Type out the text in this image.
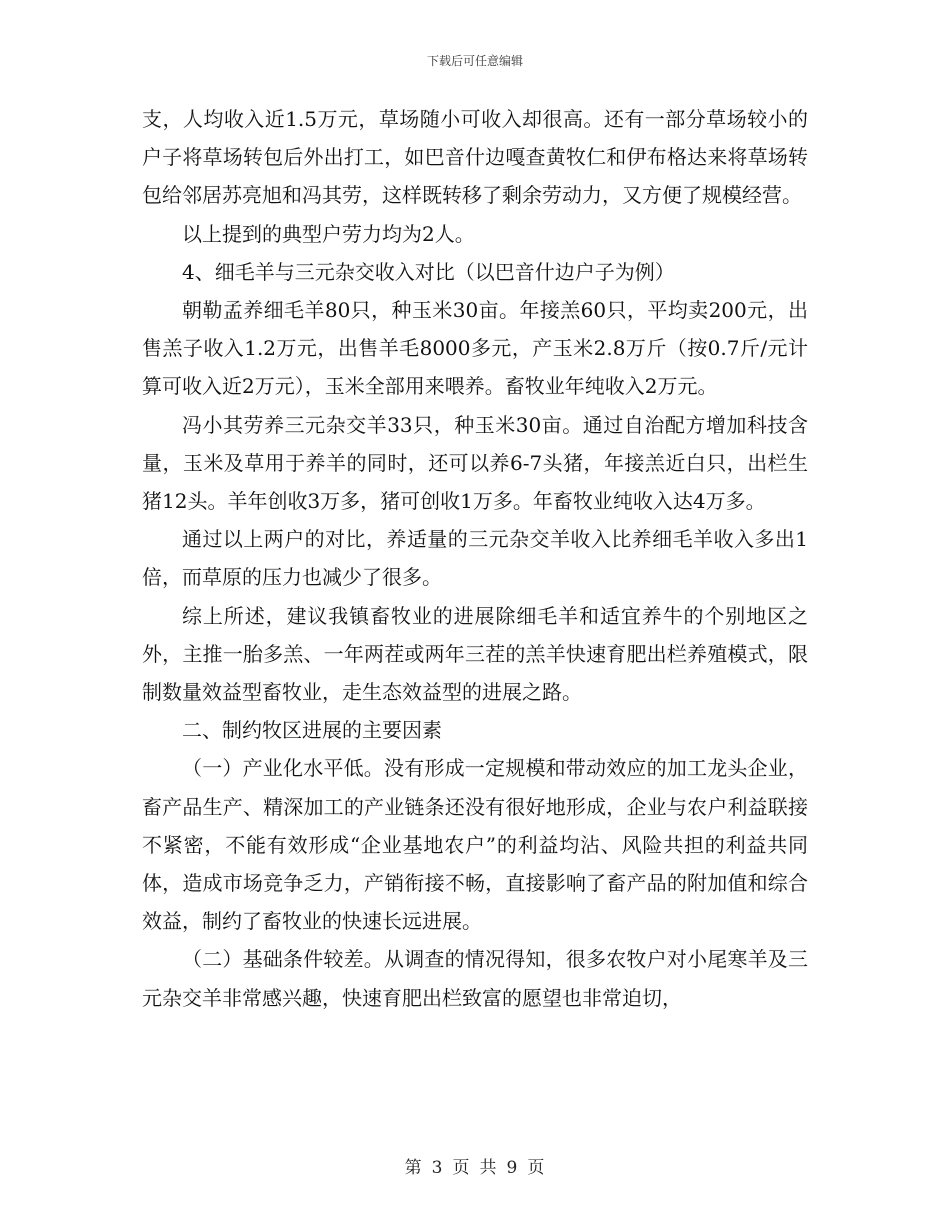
下载后可任意编辑

支，人均收入近1.5万元，草场随小可收入却很高。还有一部分草场较小的户子将草场转包后外出打工，如巴音什边嘎查黄牧仁和伊布格达来将草场转包给邻居苏亮旭和冯其劳，这样既转移了剩余劳动力，又方便了规模经营。

以上提到的典型户劳力均为2人。

4、细毛羊与三元杂交收入对比（以巴音什边户子为例）

朝勒孟养细毛羊80只，种玉米30亩。年接羔60只，平均卖200元，出售羔子收入1.2万元，出售羊毛8000多元，产玉米2.8万斤（按0.7斤/元计算可收入近2万元），玉米全部用来喂养。畜牧业年纯收入2万元。

冯小其劳养三元杂交羊33只，种玉米30亩。通过自治配方增加科技含量，玉米及草用于养羊的同时，还可以养6-7头猪，年接羔近白只，出栏生猪12头。羊年创收3万多，猪可创收1万多。年畜牧业纯收入达4万多。

通过以上两户的对比，养适量的三元杂交羊收入比养细毛羊收入多出1倍，而草原的压力也减少了很多。

综上所述，建议我镇畜牧业的进展除细毛羊和适宜养牛的个别地区之外，主推一胎多羔、一年两茬或两年三茬的羔羊快速育肥出栏养殖模式，限制数量效益型畜牧业，走生态效益型的进展之路。

二、制约牧区进展的主要因素

（一）产业化水平低。没有形成一定规模和带动效应的加工龙头企业，畜产品生产、精深加工的产业链条还没有很好地形成，企业与农户利益联接不紧密，不能有效形成“企业基地农户”的利益均沾、风险共担的利益共同体，造成市场竞争乏力，产销衔接不畅，直接影响了畜产品的附加值和综合效益，制约了畜牧业的快速长远进展。

（二）基础条件较差。从调查的情况得知，很多农牧户对小尾寒羊及三元杂交羊非常感兴趣，快速育肥出栏致富的愿望也非常迫切，

第 3 页 共 9 页
